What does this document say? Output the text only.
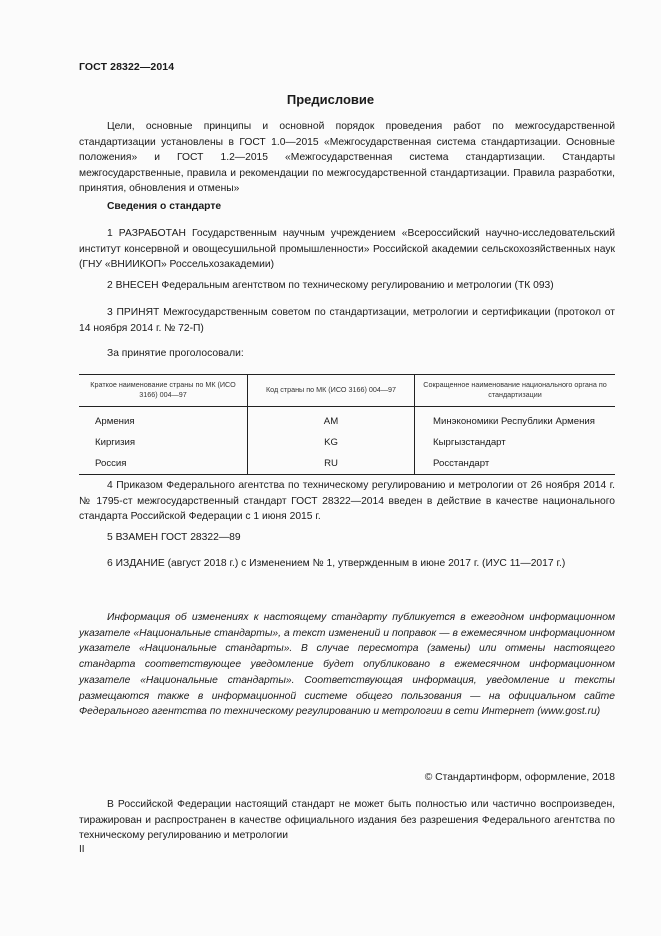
ГОСТ 28322—2014
Предисловие
Цели, основные принципы и основной порядок проведения работ по межгосударственной стандартизации установлены в ГОСТ 1.0—2015 «Межгосударственная система стандартизации. Основные положения» и ГОСТ 1.2—2015 «Межгосударственная система стандартизации. Стандарты межгосударственные, правила и рекомендации по межгосударственной стандартизации. Правила разработки, принятия, обновления и отмены»
Сведения о стандарте
1 РАЗРАБОТАН Государственным научным учреждением «Всероссийский научно-исследовательский институт консервной и овощесушильной промышленности» Российской академии сельскохозяйственных наук (ГНУ «ВНИИКОП» Россельхозакадемии)
2 ВНЕСЕН Федеральным агентством по техническому регулированию и метрологии (ТК 093)
3 ПРИНЯТ Межгосударственным советом по стандартизации, метрологии и сертификации (протокол от 14 ноября 2014 г. № 72-П)
За принятие проголосовали:
Краткое наименование страны по МК (ИСО 3166) 004—97	Код страны по МК (ИСО 3166) 004—97	Сокращенное наименование национального органа по стандартизации
Армения	AM	Минэкономики Республики Армения
Киргизия	KG	Кыргызстандарт
Россия	RU	Росстандарт
4 Приказом Федерального агентства по техническому регулированию и метрологии от 26 ноября 2014 г. № 1795-ст межгосударственный стандарт ГОСТ 28322—2014 введен в действие в качестве национального стандарта Российской Федерации с 1 июня 2015 г.
5 ВЗАМЕН ГОСТ 28322—89
6 ИЗДАНИЕ (август 2018 г.) с Изменением № 1, утвержденным в июне 2017 г. (ИУС 11—2017 г.)
Информация об изменениях к настоящему стандарту публикуется в ежегодном информационном указателе «Национальные стандарты», а текст изменений и поправок — в ежемесячном информационном указателе «Национальные стандарты». В случае пересмотра (замены) или отмены настоящего стандарта соответствующее уведомление будет опубликовано в ежемесячном информационном указателе «Национальные стандарты». Соответствующая информация, уведомление и тексты размещаются также в информационной системе общего пользования — на официальном сайте Федерального агентства по техническому регулированию и метрологии в сети Интернет (www.gost.ru)
© Стандартинформ, оформление, 2018
В Российской Федерации настоящий стандарт не может быть полностью или частично воспроизведен, тиражирован и распространен в качестве официального издания без разрешения Федерального агентства по техническому регулированию и метрологии
II
